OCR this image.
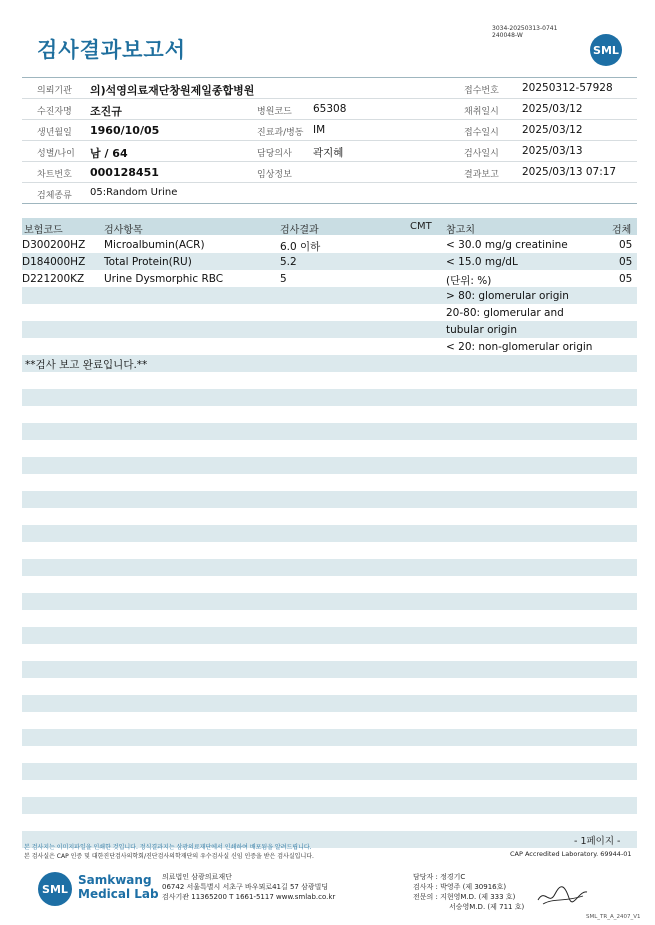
검사결과보고서
3034-20250313-0741
240048-W
SML
의뢰기관 의)석영의료재단창원제일종합병원	접수번호 20250312-57928
수진자명 조진규	병원코드 65308	채취일시 2025/03/12
생년월일 1960/10/05	진료과/병동 IM	접수일시 2025/03/12
성별/나이 남 / 64	담당의사 곽지혜	검사일시 2025/03/13
차트번호 000128451	임상정보	결과보고 2025/03/13 07:17
검체종류 05:Random Urine
보험코드	검사항목	검사결과	CMT 참고치	검체
D300200HZ Microalbumin(ACR)	6.0 이하	< 30.0 mg/g creatinine	05
D184000HZ Total Protein(RU)	5.2	< 15.0 mg/dL	05
D221200KZ Urine Dysmorphic RBC	5	(단위: %)	05
> 80: glomerular origin
20-80: glomerular and
tubular origin
< 20: non-glomerular origin
**검사 보고 완료입니다.**
- 1페이지 -
본 검사지는 이미지파일을 인쇄한 것입니다. 정식결과지는 삼광의료재단에서 인쇄하여 배포됨을 알려드립니다.
본 검사실은 CAP 인증 및 대한진단검사의학회/진단검사의학재단의 우수검사실 신임 인증을 받은 검사실입니다.	CAP Accredited Laboratory. 69944-01
SML
Samkwang
Medical Lab
의료법인 삼광의료재단
06742 서울특별시 서초구 바우뫼로41길 57 삼광빌딩
검사기관 11365200 T 1661-5117 www.smlab.co.kr
담당자 : 정경기C
검사자 : 박영주 (제 30916호)
전문의 : 지현영M.D. (제 333 호)
서승영M.D. (제 711 호)
SML_TR_A_2407_V1
